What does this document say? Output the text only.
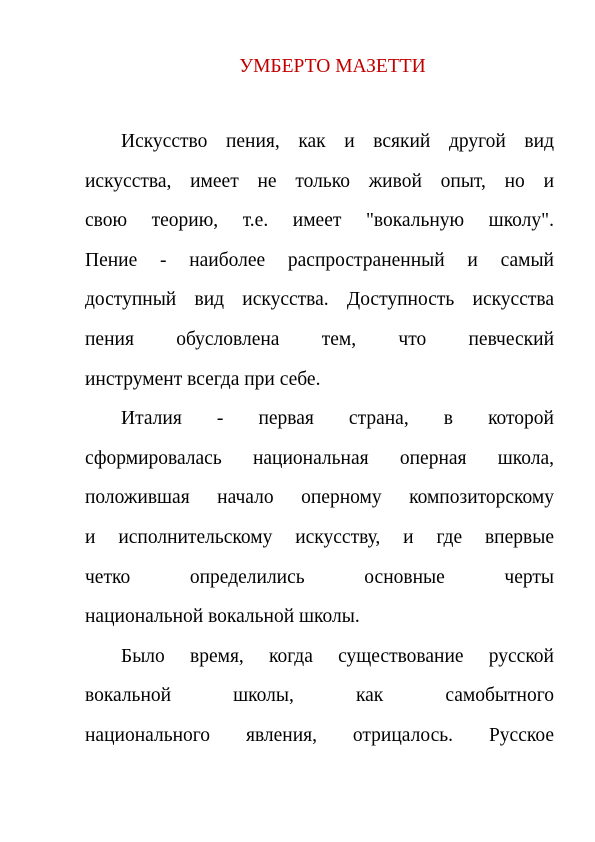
УМБЕРТО МАЗЕТТИ

Искусство пения, как и всякий другой вид
искусства, имеет не только живой опыт, но и
свою теорию, т.е. имеет "вокальную школу".
Пение - наиболее распространенный и самый
доступный вид искусства. Доступность искусства
пения обусловлена тем, что певческий
инструмент всегда при себе.

Италия - первая страна, в которой
сформировалась национальная оперная школа,
положившая начало оперному композиторскому
и исполнительскому искусству, и где впервые
четко определились основные черты
национальной вокальной школы.

Было время, когда существование русской
вокальной школы, как самобытного
национального явления, отрицалось. Русское
